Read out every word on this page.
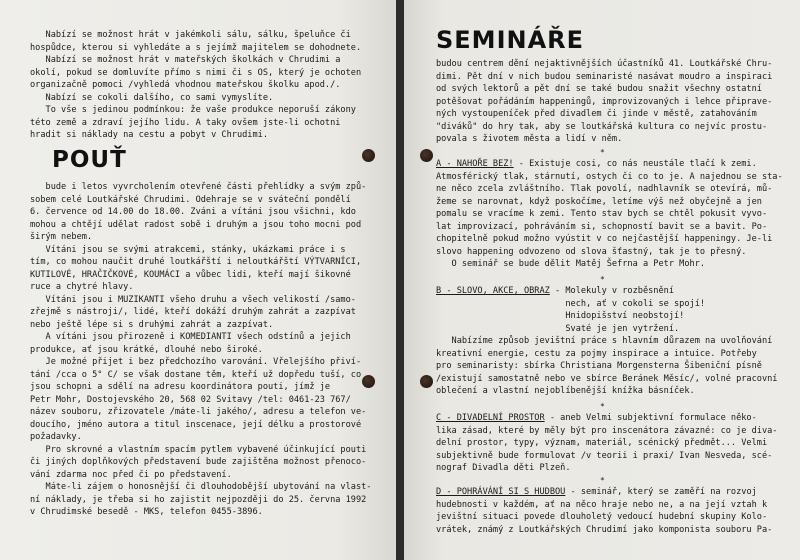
Nabízí se možnost hrát v jakémkoli sálu, sálku, špeluňce či
hospůdce, kterou si vyhledáte a s jejímž majitelem se dohodnete.
Nabízí se možnost hrát v mateřských školkách v Chrudimi a
okolí, pokud se domluvíte přímo s nimi či s OS, který je ochoten
organizačně pomoci /vyhledá vhodnou mateřskou školku apod./.
Nabízí se cokoli dalšího, co sami vymyslíte.
To vše s jedinou podmínkou: že vaše produkce neporuší zákony
této země a zdraví jejího lidu. A taky ovšem jste-li ochotni
hradit si náklady na cestu a pobyt v Chrudimi.
POUŤ
bude i letos vyvrcholením otevřené části přehlídky a svým způ-
sobem celé Loutkářské Chrudimi. Odehraje se v sváteční pondělí
6. července od 14.00 do 18.00. Zváni a vítáni jsou všichni, kdo
mohou a chtějí udělat radost sobě i druhým a jsou toho mocni pod
širým nebem.
Vítáni jsou se svými atrakcemi, stánky, ukázkami práce i s
tím, co mohou naučit druhé loutkářští i neloutkářští VÝTVARNÍCI,
KUTILOVÉ, HRAČIČKOVÉ, KOUMÁCI a vůbec lidi, kteří mají šikovné
ruce a chytré hlavy.
Vítáni jsou i MUZIKANTI všeho druhu a všech velikostí /samo-
zřejmě s nástroji/, lidé, kteří dokáží druhým zahrát a zazpívat
nebo ještě lépe si s druhými zahrát a zazpívat.
A vítáni jsou přirozeně i KOMEDIANTI všech odstínů a jejich
produkce, ať jsou krátké, dlouhé nebo široké.
Je možné přijet i bez předchozího varování. Vřelejšího přiví-
tání /cca o 5° C/ se však dostane těm, kteří už dopředu tuší, co
jsou schopni a sdělí na adresu koordinátora pouti, jímž je
Petr Mohr, Dostojevského 20, 568 02 Svitavy /tel: 0461-23 767/
název souboru, zřizovatele /máte-li jakého/, adresu a telefon ve-
doucího, jméno autora a titul inscenace, její délku a prostorové
požadavky.
Pro skrovné a vlastním spacím pytlem vybavené účinkující pouti
či jiných doplňkových představení bude zajištěna možnost přenoco-
vání zdarma noc před či po představení.
Máte-li zájem o honosnější či dlouhodobější ubytování na vlast-
ní náklady, je třeba si ho zajistit nejpozději do 25. června 1992
v Chrudimské besedě - MKS, telefon 0455-3896.
SEMINÁŘE
budou centrem dění nejaktivnějších účastníků 41. Loutkářské Chru-
dimi. Pět dní v nich budou seminaristé nasávat moudro a inspiraci
od svých lektorů a pět dní se také budou snažit všechny ostatní
potěšovat pořádáním happeningů, improvizovaných i lehce připrave-
ných vystoupeníček před divadlem či jinde v městě, zatahováním
"diváků" do hry tak, aby se loutkářská kultura co nejvíc prostu-
povala s životem města a lidí v něm.
*
A - NAHOŘE BEZ! - Existuje cosi, co nás neustále tlačí k zemi.
Atmosférický tlak, stárnutí, ostych či co to je. A najednou se sta-
ne něco zcela zvláštního. Tlak povolí, nadhlavník se otevírá, mů-
žeme se narovnat, když poskočíme, letíme výš než obyčejně a jen
pomalu se vracíme k zemi. Tento stav bych se chtěl pokusit vyvo-
lat improvizací, pohráváním si, schopností bavit se a bavit. Po-
chopitelně pokud možno vyústit v co nejčastější happeningy. Je-li
slovo happening odvozeno od slova šťastný, tak je to přesný.
O seminář se bude dělit Matěj Šefrna a Petr Mohr.
*
B - SLOVO, AKCE, OBRAZ - Molekuly v rozběsnění
nech, ať v cokoli se spojí!
Hnidopišství neobstojí!
Svaté je jen vytržení.
Nabízíme způsob jevištní práce s hlavním důrazem na uvolňování
kreativní energie, cestu za pojmy inspirace a intuice. Potřeby
pro seminaristy: sbírka Christiana Morgensterna Šibeniční písně
/existují samostatně nebo ve sbírce Beránek Měsíc/, volné pracovní
oblečení a vlastní nejoblíbenější knížka básníček.
*
C - DIVADELNÍ PROSTOR - aneb Velmi subjektivní formulace něko-
lika zásad, které by měly být pro inscenátora závazné: co je diva-
delní prostor, typy, význam, materiál, scénický předmět... Velmi
subjektivně bude formulovat /v teorii i praxi/ Ivan Nesveda, scé-
nograf Divadla děti Plzeň.
*
D - POHRÁVÁNÍ SI S HUDBOU - seminář, který se zaměří na rozvoj
hudebnosti v každém, ať na něco hraje nebo ne, a na její vztah k
jevištní situaci povede dlouholetý vedoucí hudební skupiny Kolo-
vrátek, známý z Loutkářských Chrudimí jako komponista souboru Pa-
